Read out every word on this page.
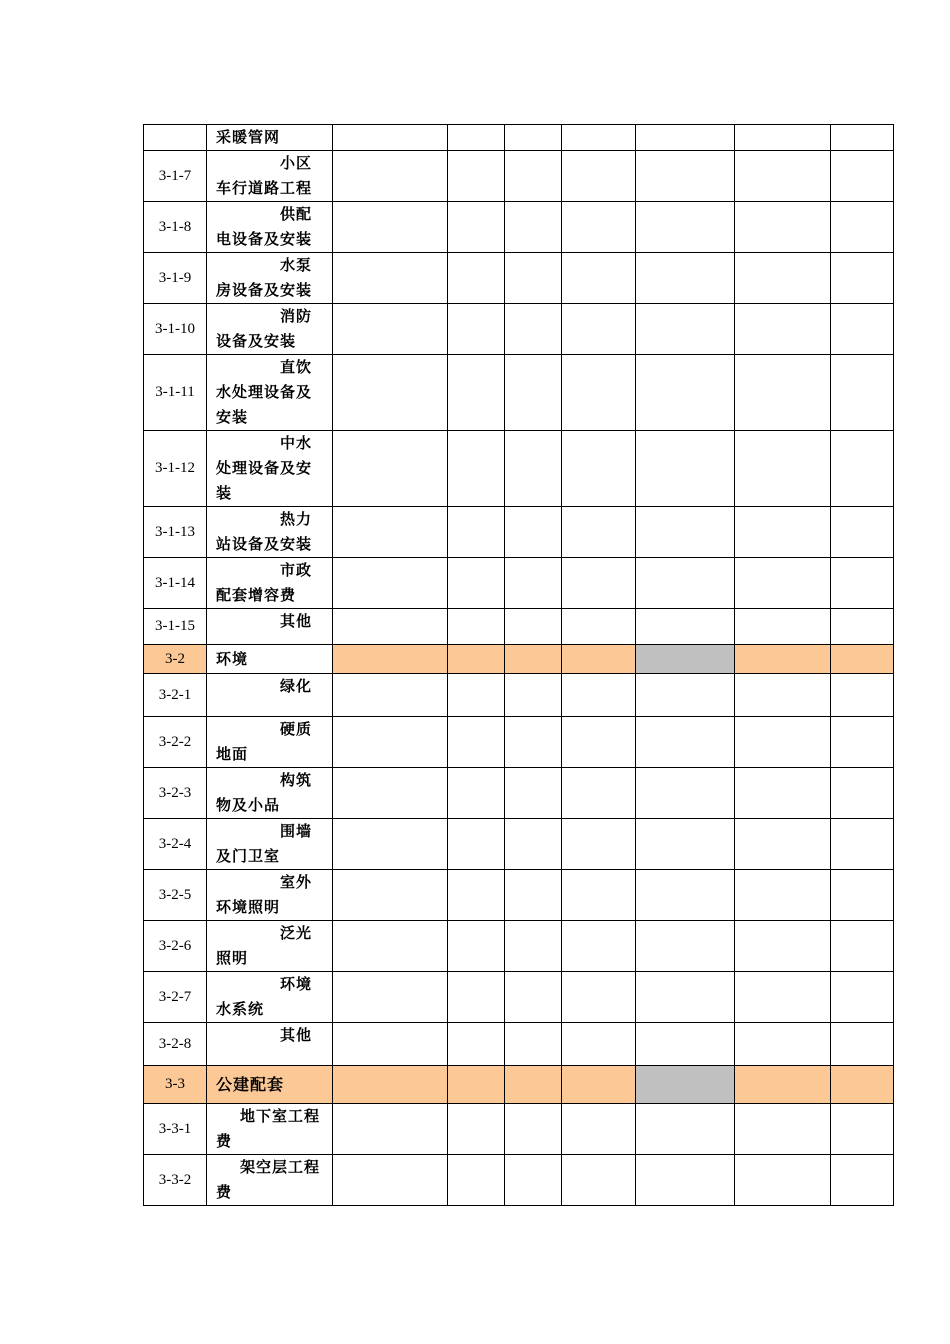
	采暖管网							
3-1-7	小区车行道路工程							
3-1-8	供配电设备及安装							
3-1-9	水泵房设备及安装							
3-1-10	消防设备及安装							
3-1-11	直饮水处理设备及安装							
3-1-12	中水处理设备及安装							
3-1-13	热力站设备及安装							
3-1-14	市政配套增容费							
3-1-15	其他							
3-2	环境							
3-2-1	绿化							
3-2-2	硬质地面							
3-2-3	构筑物及小品							
3-2-4	围墙及门卫室							
3-2-5	室外环境照明							
3-2-6	泛光照明							
3-2-7	环境水系统							
3-2-8	其他							
3-3	公建配套							
3-3-1	地下室工程费							
3-3-2	架空层工程费							
